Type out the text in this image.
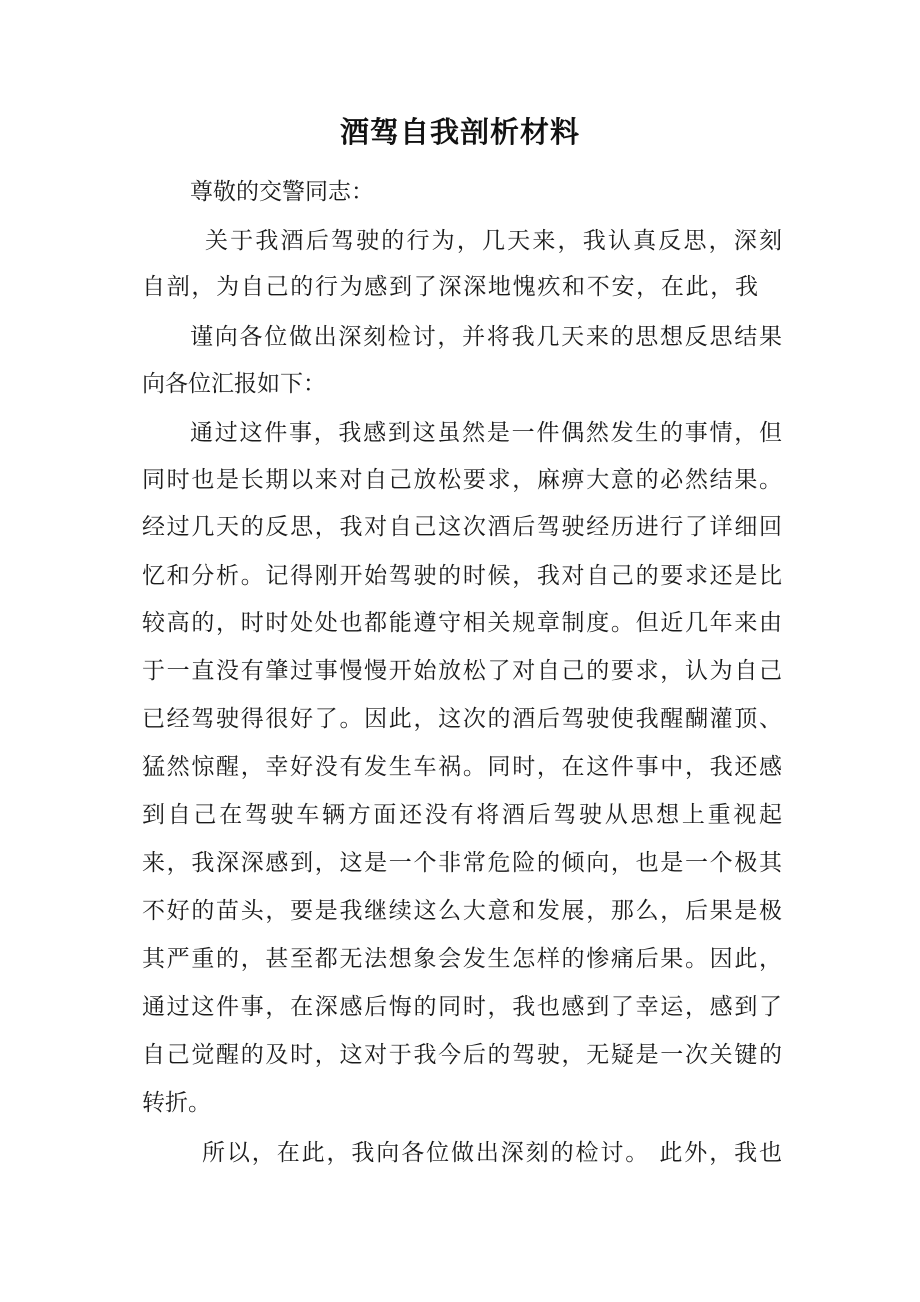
酒驾自我剖析材料
尊敬的交警同志：
关于我酒后驾驶的行为，几天来，我认真反思，深刻
自剖，为自己的行为感到了深深地愧疚和不安，在此，我
谨向各位做出深刻检讨，并将我几天来的思想反思结果
向各位汇报如下：
通过这件事，我感到这虽然是一件偶然发生的事情，但
同时也是长期以来对自己放松要求，麻痹大意的必然结果。
经过几天的反思，我对自己这次酒后驾驶经历进行了详细回
忆和分析。记得刚开始驾驶的时候，我对自己的要求还是比
较高的，时时处处也都能遵守相关规章制度。但近几年来由
于一直没有肇过事慢慢开始放松了对自己的要求，认为自己
已经驾驶得很好了。因此，这次的酒后驾驶使我醒醐灌顶、
猛然惊醒，幸好没有发生车祸。同时，在这件事中，我还感
到自己在驾驶车辆方面还没有将酒后驾驶从思想上重视起
来，我深深感到，这是一个非常危险的倾向，也是一个极其
不好的苗头，要是我继续这么大意和发展，那么，后果是极
其严重的，甚至都无法想象会发生怎样的惨痛后果。因此，
通过这件事，在深感后悔的同时，我也感到了幸运，感到了
自己觉醒的及时，这对于我今后的驾驶，无疑是一次关键的
转折。
所以，在此，我向各位做出深刻的检讨。 此外，我也
